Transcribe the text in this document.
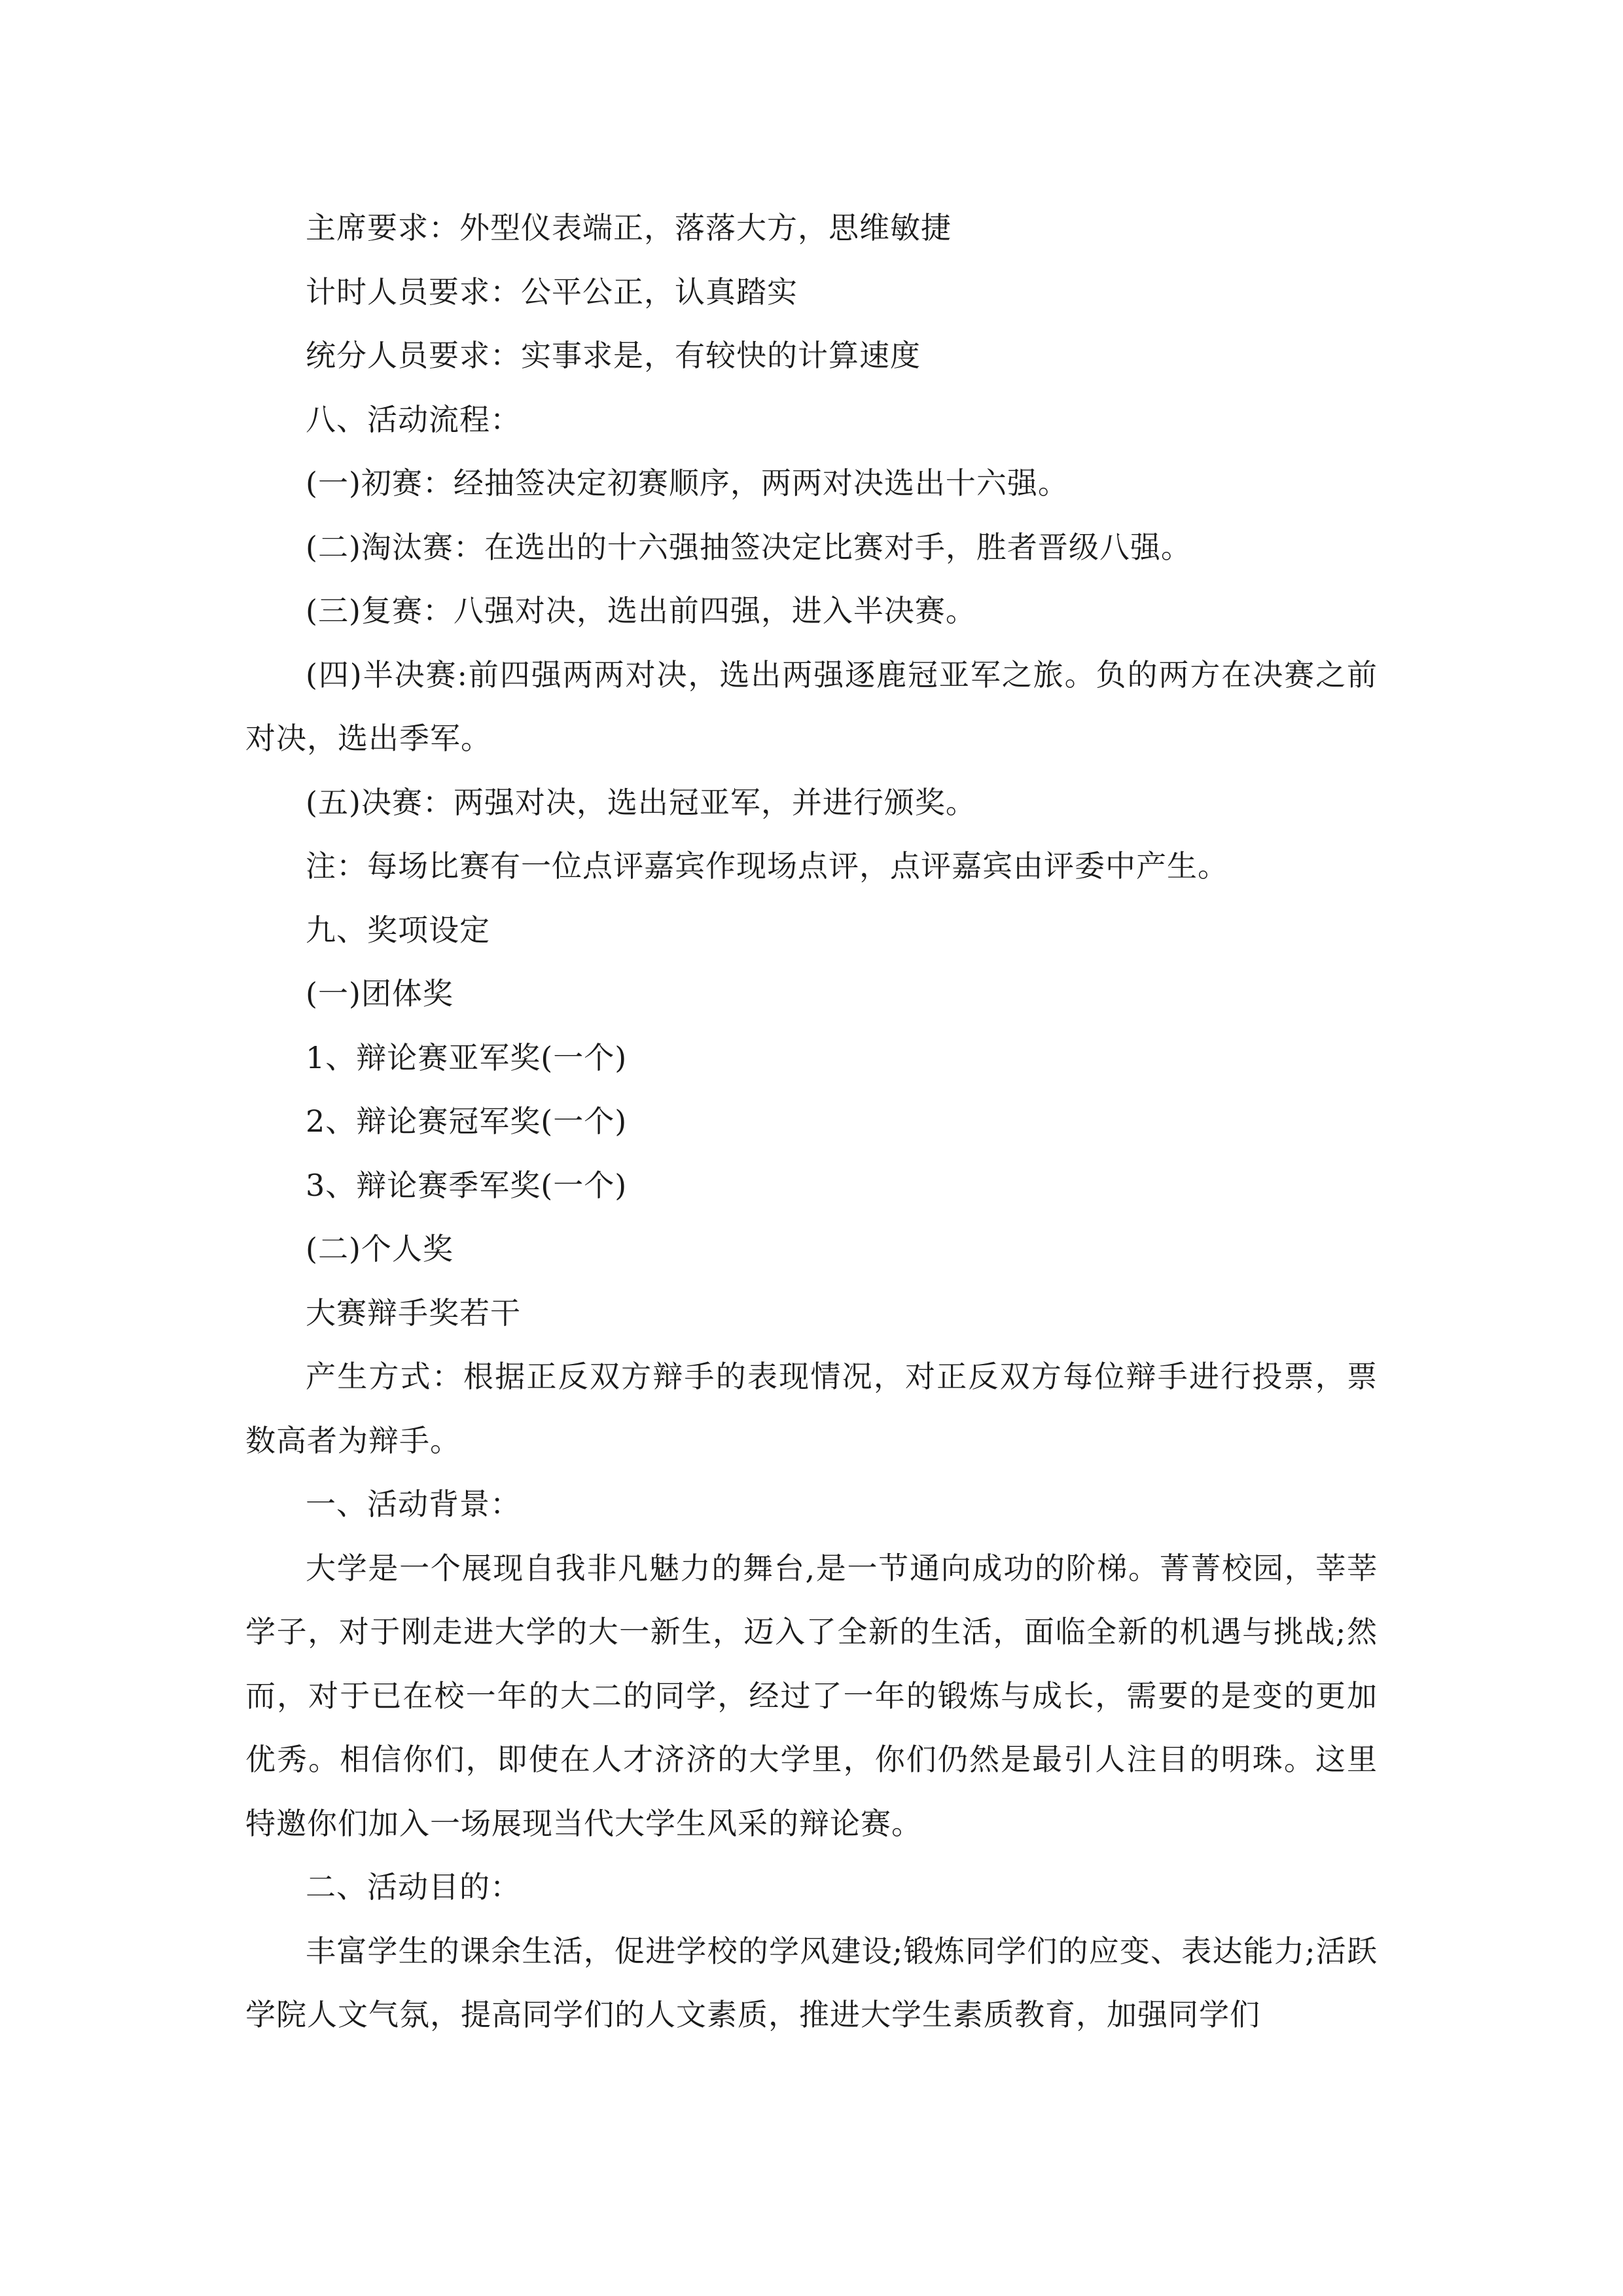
主席要求：外型仪表端正，落落大方，思维敏捷

计时人员要求：公平公正，认真踏实

统分人员要求：实事求是，有较快的计算速度

八、活动流程：

(一)初赛：经抽签决定初赛顺序，两两对决选出十六强。

(二)淘汰赛：在选出的十六强抽签决定比赛对手，胜者晋级八强。

(三)复赛：八强对决，选出前四强，进入半决赛。

(四)半决赛:前四强两两对决，选出两强逐鹿冠亚军之旅。负的两方在决赛之前对决，选出季军。

(五)决赛：两强对决，选出冠亚军，并进行颁奖。

注：每场比赛有一位点评嘉宾作现场点评，点评嘉宾由评委中产生。

九、奖项设定

(一)团体奖

1、辩论赛亚军奖(一个)

2、辩论赛冠军奖(一个)

3、辩论赛季军奖(一个)

(二)个人奖

大赛辩手奖若干

产生方式：根据正反双方辩手的表现情况，对正反双方每位辩手进行投票，票数高者为辩手。

一、活动背景：

大学是一个展现自我非凡魅力的舞台,是一节通向成功的阶梯。菁菁校园，莘莘学子，对于刚走进大学的大一新生，迈入了全新的生活，面临全新的机遇与挑战;然而，对于已在校一年的大二的同学，经过了一年的锻炼与成长，需要的是变的更加优秀。相信你们，即使在人才济济的大学里，你们仍然是最引人注目的明珠。这里特邀你们加入一场展现当代大学生风采的辩论赛。

二、活动目的：

丰富学生的课余生活，促进学校的学风建设;锻炼同学们的应变、表达能力;活跃学院人文气氛，提高同学们的人文素质，推进大学生素质教育，加强同学们
